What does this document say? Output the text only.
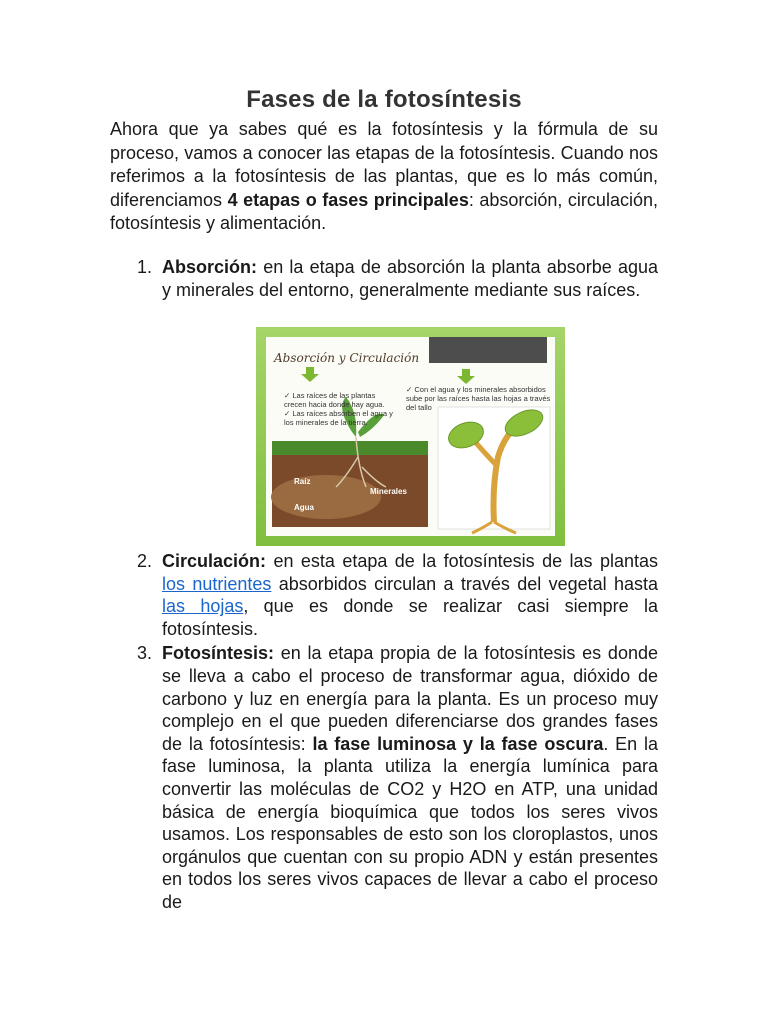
Fases de la fotosíntesis
Ahora que ya sabes qué es la fotosíntesis y la fórmula de su proceso, vamos a conocer las etapas de la fotosíntesis. Cuando nos referimos a la fotosíntesis de las plantas, que es lo más común, diferenciamos 4 etapas o fases principales: absorción, circulación, fotosíntesis y alimentación.
1. Absorción: en la etapa de absorción la planta absorbe agua y minerales del entorno, generalmente mediante sus raíces.
Absorción y Circulación
✓ Las raíces de las plantas crecen hacia donde hay agua.
✓ Las raíces absorben el agua y los minerales de la tierra.
✓ Con el agua y los minerales absorbidos sube por las raíces hasta las hojas a través del tallo
Raíz
Minerales
Agua
2. Circulación: en esta etapa de la fotosíntesis de las plantas los nutrientes absorbidos circulan a través del vegetal hasta las hojas, que es donde se realizar casi siempre la fotosíntesis.
3. Fotosíntesis: en la etapa propia de la fotosíntesis es donde se lleva a cabo el proceso de transformar agua, dióxido de carbono y luz en energía para la planta. Es un proceso muy complejo en el que pueden diferenciarse dos grandes fases de la fotosíntesis: la fase luminosa y la fase oscura. En la fase luminosa, la planta utiliza la energía lumínica para convertir las moléculas de CO2 y H2O en ATP, una unidad básica de energía bioquímica que todos los seres vivos usamos. Los responsables de esto son los cloroplastos, unos orgánulos que cuentan con su propio ADN y están presentes en todos los seres vivos capaces de llevar a cabo el proceso de
